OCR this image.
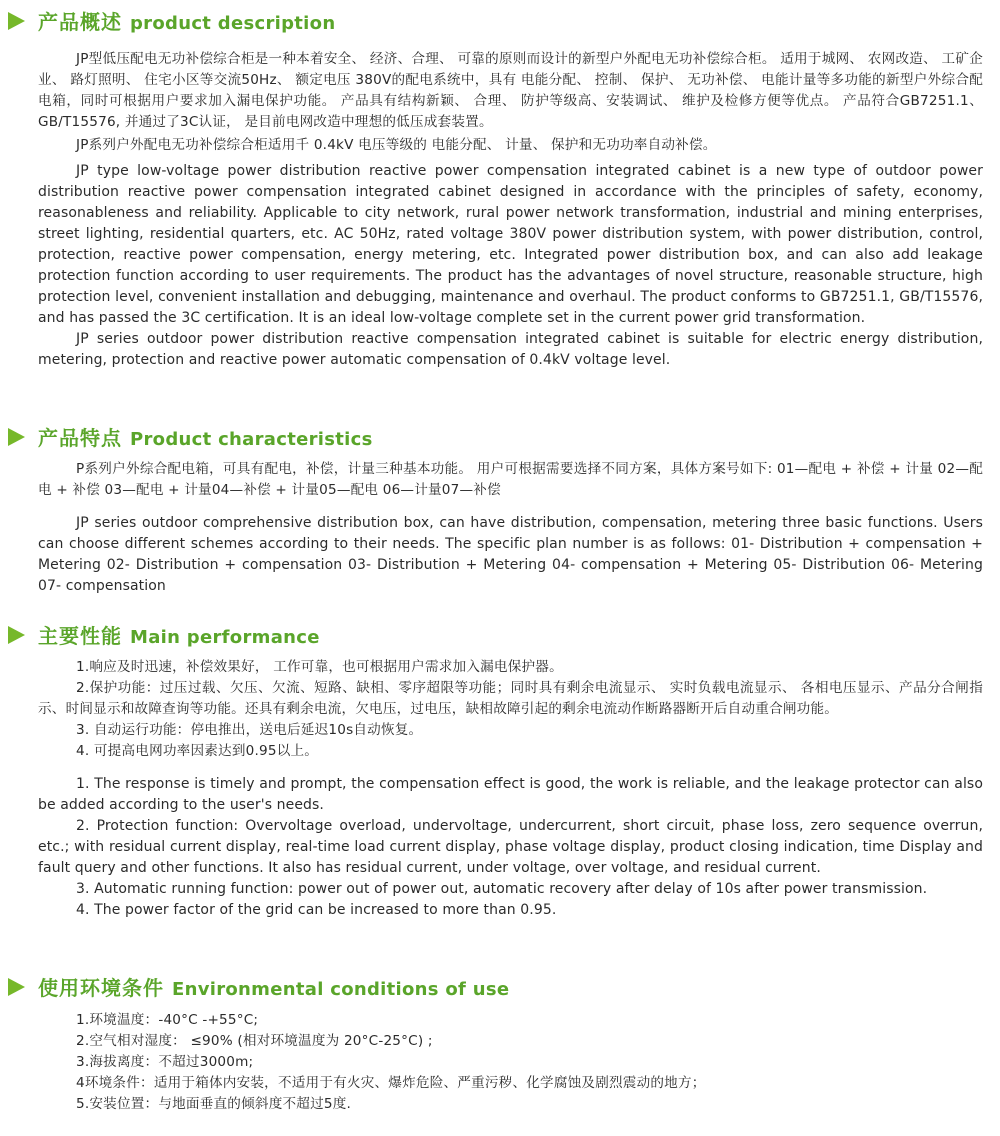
产品概述 product description

JP型低压配电无功补偿综合柜是一种本着安全、 经济、合理、 可靠的原则而设计的新型户外配电无功补偿综合柜。 适用于城网、 农网改造、 工矿企业、 路灯照明、 住宅小区等交流50Hz、 额定电压 380V的配电系统中，具有 电能分配、 控制、 保护、 无功补偿、 电能计量等多功能的新型户外综合配电箱，同时可根据用户要求加入漏电保护功能。 产品具有结构新颖、 合理、 防护等级高、安装调试、 维护及检修方便等优点。 产品符合GB7251.1、GB/T15576, 并通过了3C认证， 是目前电网改造中理想的低压成套装置。

JP系列户外配电无功补偿综合柜适用千 0.4kV 电压等级的 电能分配、 计量、 保护和无功功率自动补偿。

JP type low-voltage power distribution reactive power compensation integrated cabinet is a new type of outdoor power distribution reactive power compensation integrated cabinet designed in accordance with the principles of safety, economy, reasonableness and reliability. Applicable to city network, rural power network transformation, industrial and mining enterprises, street lighting, residential quarters, etc. AC 50Hz, rated voltage 380V power distribution system, with power distribution, control, protection, reactive power compensation, energy metering, etc. Integrated power distribution box, and can also add leakage protection function according to user requirements. The product has the advantages of novel structure, reasonable structure, high protection level, convenient installation and debugging, maintenance and overhaul. The product conforms to GB7251.1, GB/T15576, and has passed the 3C certification. It is an ideal low-voltage complete set in the current power grid transformation.

JP series outdoor power distribution reactive compensation integrated cabinet is suitable for electric energy distribution, metering, protection and reactive power automatic compensation of 0.4kV voltage level.

产品特点 Product characteristics

P系列户外综合配电箱，可具有配电，补偿，计量三种基本功能。 用户可根据需要选择不同方案，具体方案号如下: 01—配电 + 补偿 + 计量 02—配电 + 补偿 03—配电 + 计量04—补偿 + 计量05—配电 06—计量07—补偿

JP series outdoor comprehensive distribution box, can have distribution, compensation, metering three basic functions. Users can choose different schemes according to their needs. The specific plan number is as follows: 01- Distribution + compensation + Metering 02- Distribution + compensation 03- Distribution + Metering 04- compensation + Metering 05- Distribution 06- Metering 07- compensation

主要性能 Main performance

1.响应及时迅速，补偿效果好， 工作可靠，也可根据用户需求加入漏电保护器。

2.保护功能：过压过载、欠压、欠流、短路、缺相、零序超限等功能；同时具有剩余电流显示、 实时负载电流显示、 各相电压显示、产品分合闸指示、时间显示和故障查询等功能。还具有剩余电流，欠电压，过电压，缺相故障引起的剩余电流动作断路器断开后自动重合闸功能。

3. 自动运行功能：停电推出，送电后延迟10s自动恢复。

4. 可提高电网功率因素达到0.95以上。

1. The response is timely and prompt, the compensation effect is good, the work is reliable, and the leakage protector can also be added according to the user's needs.

2. Protection function: Overvoltage overload, undervoltage, undercurrent, short circuit, phase loss, zero sequence overrun, etc.; with residual current display, real-time load current display, phase voltage display, product closing indication, time Display and fault query and other functions. It also has residual current, under voltage, over voltage, and residual current.

3. Automatic running function: power out of power out, automatic recovery after delay of 10s after power transmission.

4. The power factor of the grid can be increased to more than 0.95.

使用环境条件 Environmental conditions of use

1.环境温度：-40°C -+55°C;

2.空气相对湿度： ≤90% (相对环境温度为 20°C-25°C) ;

3.海拔离度：不超过3000m;

4环境条件：适用于箱体内安装，不适用于有火灾、爆炸危险、严重污秽、化学腐蚀及剧烈震动的地方；

5.安装位置：与地面垂直的倾斜度不超过5度.
